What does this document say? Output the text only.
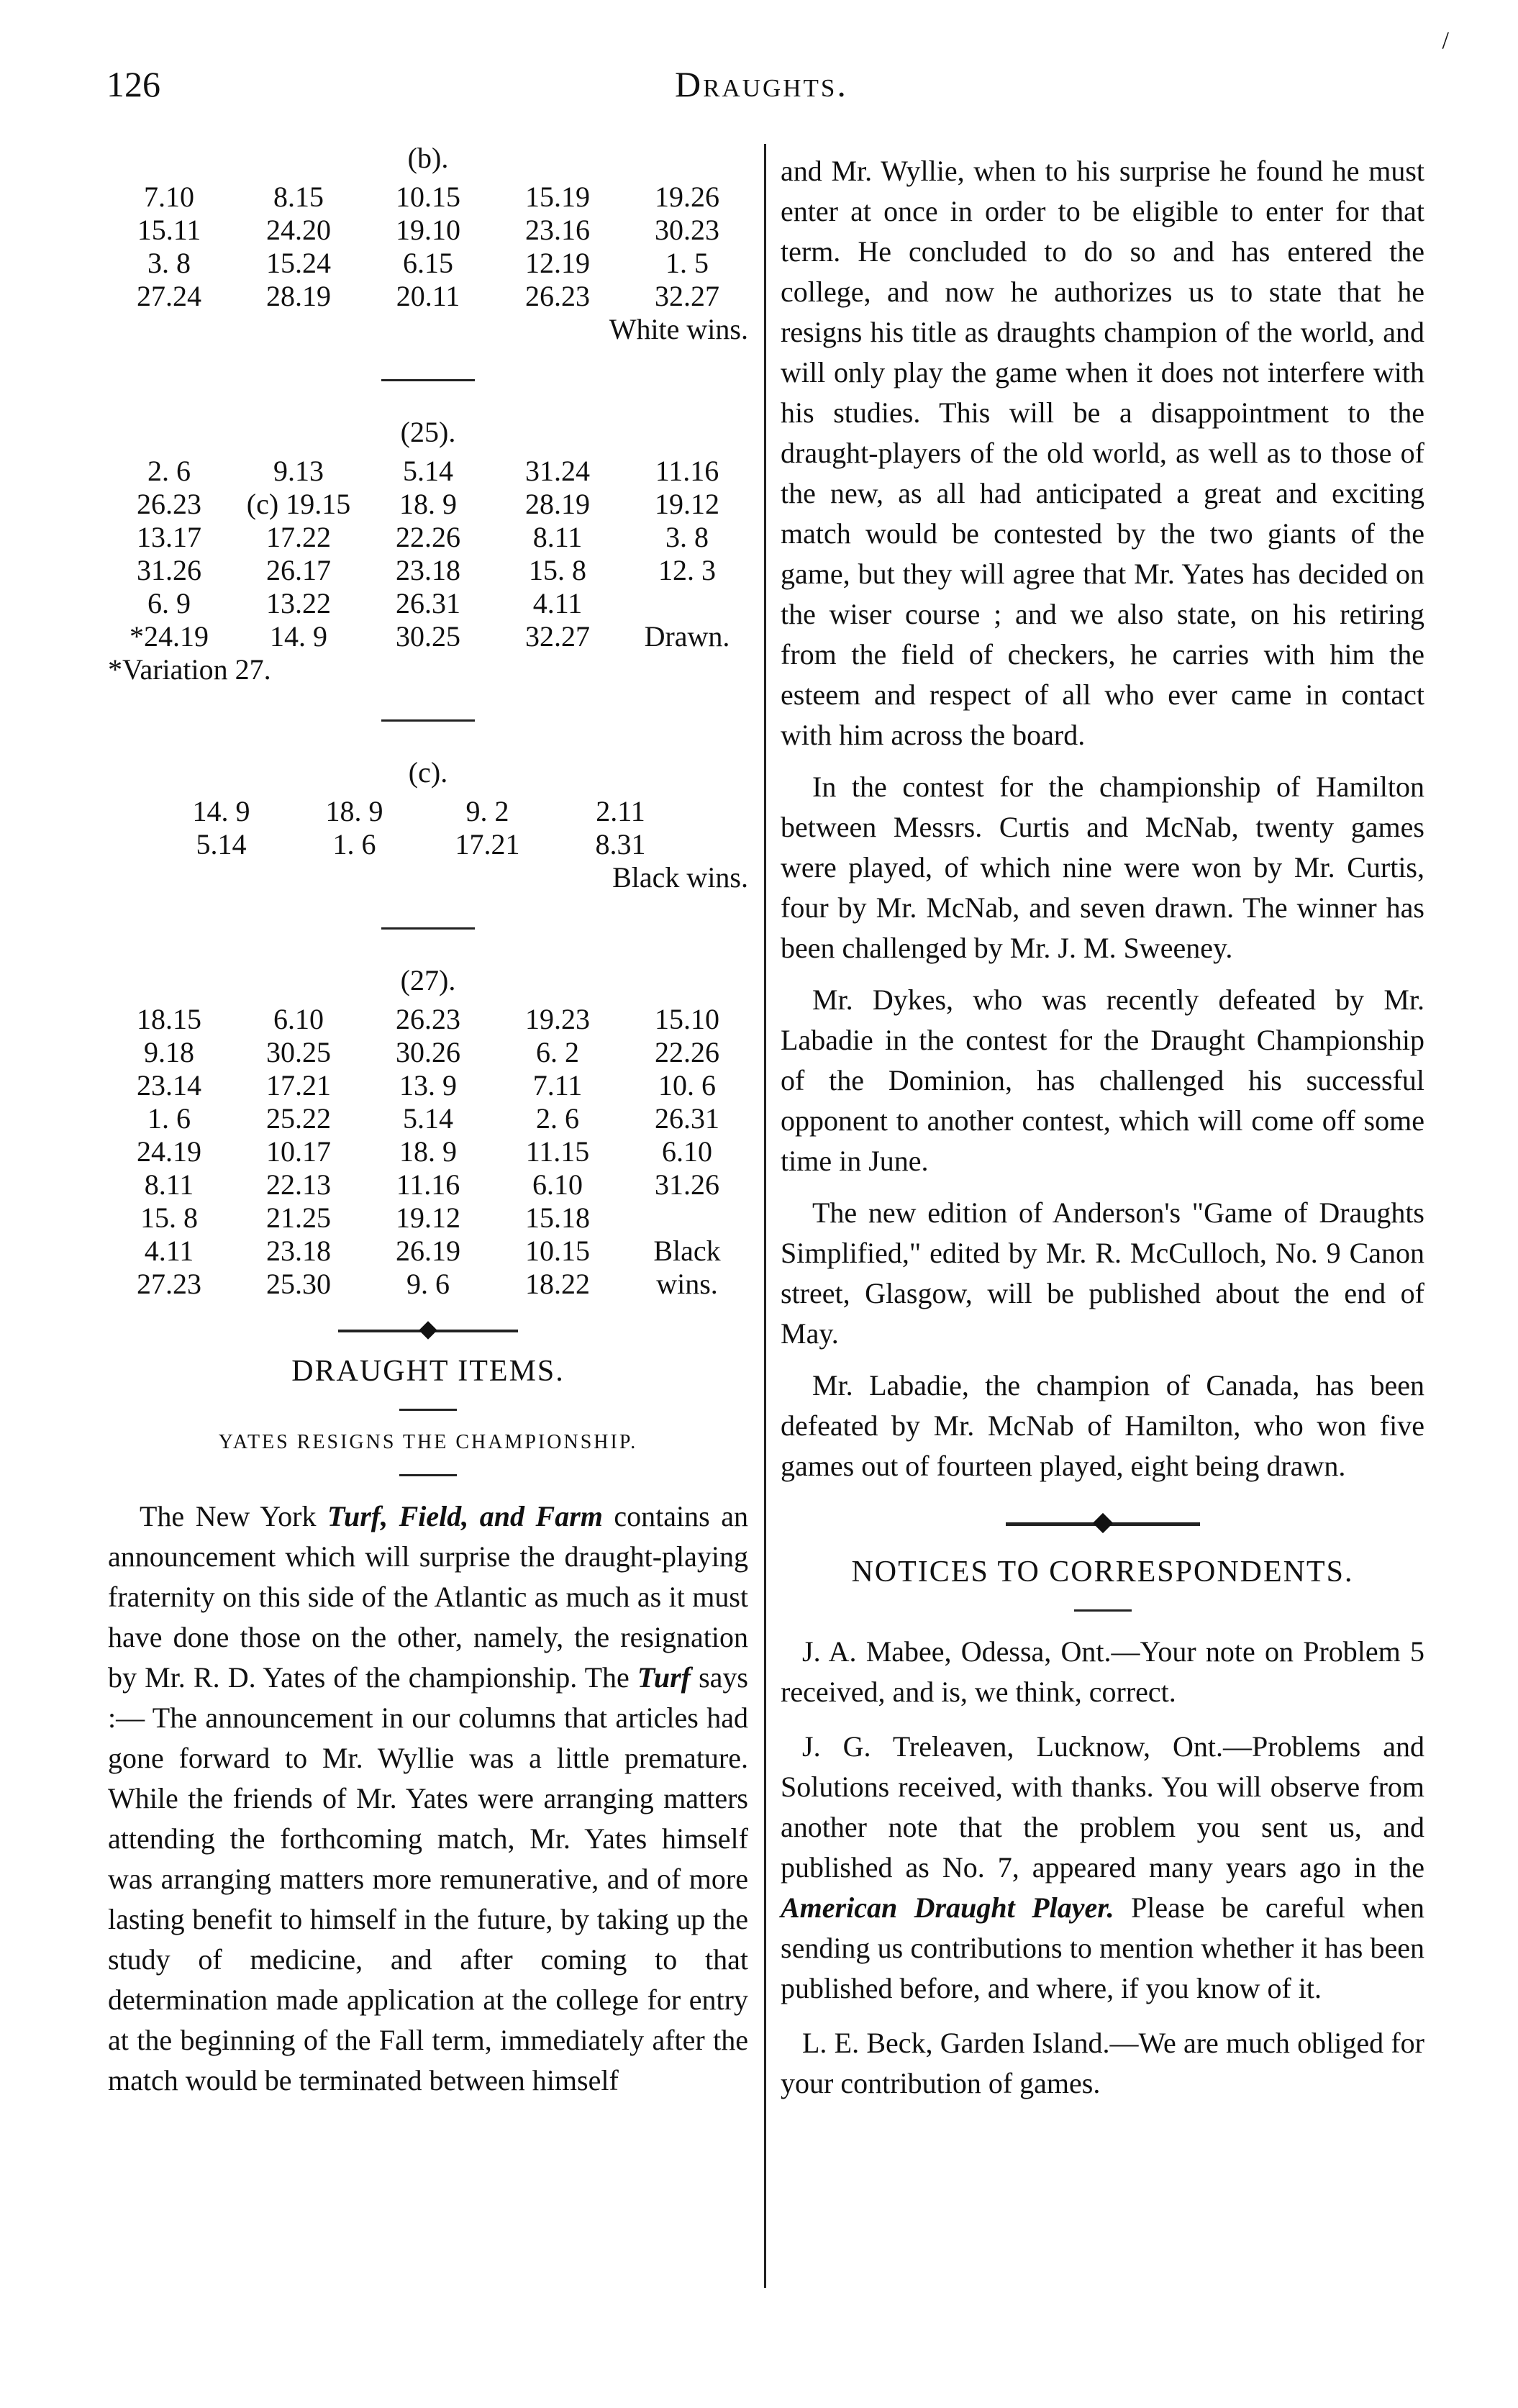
126	Draughts.
/
(b).
7.10	8.15	10.15	15.19	19.26
15.11	24.20	19.10	23.16	30.23
3. 8	15.24	6.15	12.19	1. 5
27.24	28.19	20.11	26.23	32.27
White wins.
(25).
2. 6	9.13	5.14	31.24	11.16
26.23	(c) 19.15	18. 9	28.19	19.12
13.17	17.22	22.26	8.11	3. 8
31.26	26.17	23.18	15. 8	12. 3
6. 9	13.22	26.31	4.11
*24.19	14. 9	30.25	32.27	Drawn.
*Variation 27.
(c).
14. 9	18. 9	9. 2	2.11
5.14	1. 6	17.21	8.31
Black wins.
(27).
18.15	6.10	26.23	19.23	15.10
9.18	30.25	30.26	6. 2	22.26
23.14	17.21	13. 9	7.11	10. 6
1. 6	25.22	5.14	2. 6	26.31
24.19	10.17	18. 9	11.15	6.10
8.11	22.13	11.16	6.10	31.26
15. 8	21.25	19.12	15.18
4.11	23.18	26.19	10.15	Black
27.23	25.30	9. 6	18.22	wins.
DRAUGHT ITEMS.
YATES RESIGNS THE CHAMPIONSHIP.

The New York Turf, Field, and Farm contains an announcement which will surprise the draught-playing fraternity on this side of the Atlantic as much as it must have done those on the other, namely, the resignation by Mr. R. D. Yates of the championship. The Turf says :— The announcement in our columns that articles had gone forward to Mr. Wyllie was a little premature. While the friends of Mr. Yates were arranging matters attending the forthcoming match, Mr. Yates himself was arranging matters more remunerative, and of more lasting benefit to himself in the future, by taking up the study of medicine, and after coming to that determination made application at the college for entry at the beginning of the Fall term, immediately after the match would be terminated between himself

and Mr. Wyllie, when to his surprise he found he must enter at once in order to be eligible to enter for that term. He concluded to do so and has entered the college, and now he authorizes us to state that he resigns his title as draughts champion of the world, and will only play the game when it does not interfere with his studies. This will be a disappointment to the draught-players of the old world, as well as to those of the new, as all had anticipated a great and exciting match would be contested by the two giants of the game, but they will agree that Mr. Yates has decided on the wiser course ; and we also state, on his retiring from the field of checkers, he carries with him the esteem and respect of all who ever came in contact with him across the board.

In the contest for the championship of Hamilton between Messrs. Curtis and McNab, twenty games were played, of which nine were won by Mr. Curtis, four by Mr. McNab, and seven drawn. The winner has been challenged by Mr. J. M. Sweeney.

Mr. Dykes, who was recently defeated by Mr. Labadie in the contest for the Draught Championship of the Dominion, has challenged his successful opponent to another contest, which will come off some time in June.

The new edition of Anderson's "Game of Draughts Simplified," edited by Mr. R. McCulloch, No. 9 Canon street, Glasgow, will be published about the end of May.

Mr. Labadie, the champion of Canada, has been defeated by Mr. McNab of Hamilton, who won five games out of fourteen played, eight being drawn.

NOTICES TO CORRESPONDENTS.

J. A. Mabee, Odessa, Ont.—Your note on Problem 5 received, and is, we think, correct.

J. G. Treleaven, Lucknow, Ont.—Problems and Solutions received, with thanks. You will observe from another note that the problem you sent us, and published as No. 7, appeared many years ago in the American Draught Player. Please be careful when sending us contributions to mention whether it has been published before, and where, if you know of it.

L. E. Beck, Garden Island.—We are much obliged for your contribution of games.
